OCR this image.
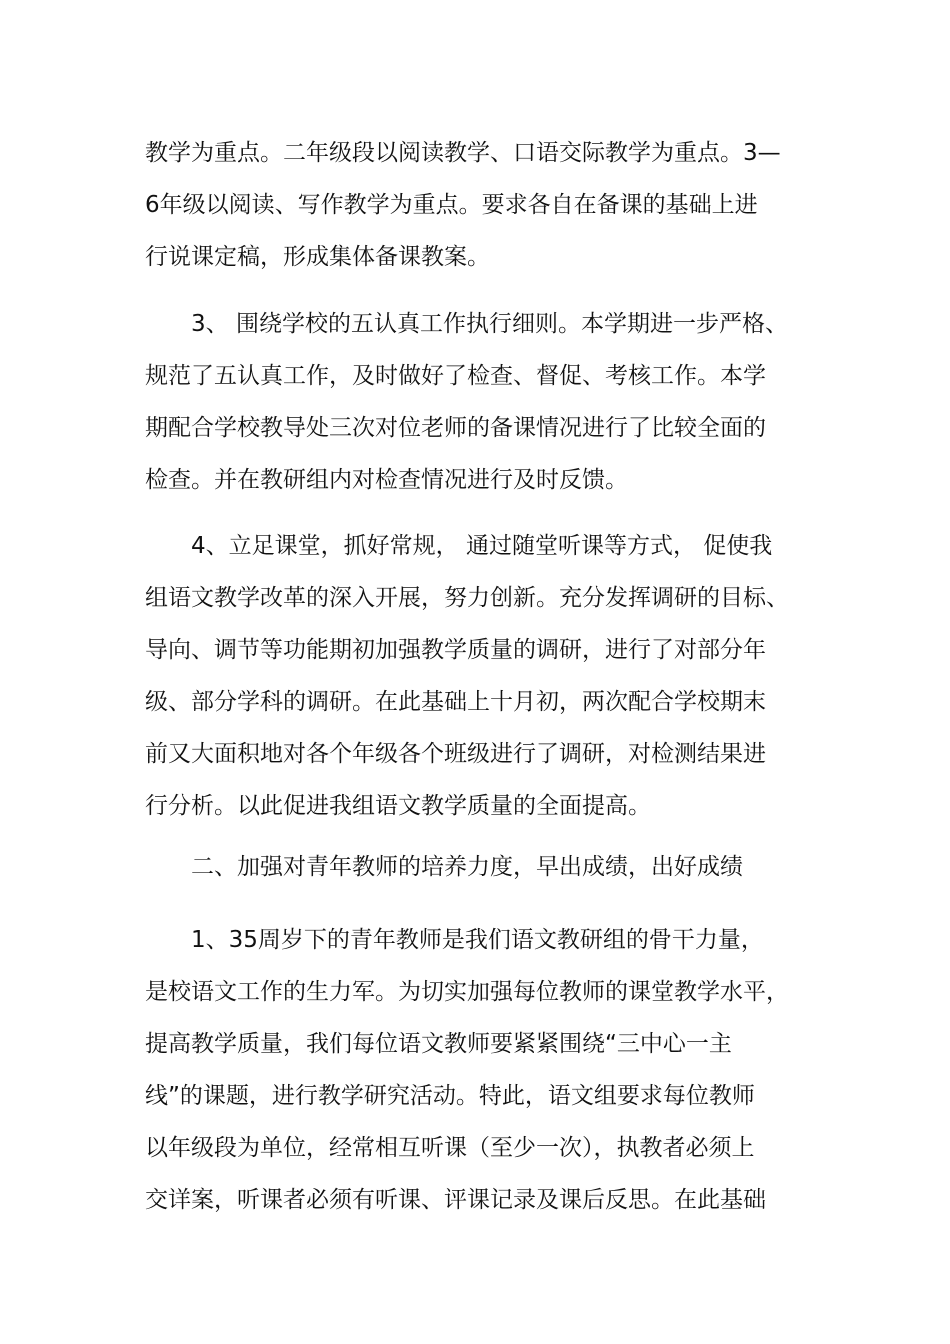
教学为重点。二年级段以阅读教学、口语交际教学为重点。3—
6年级以阅读、写作教学为重点。要求各自在备课的基础上进
行说课定稿，形成集体备课教案。
3、 围绕学校的五认真工作执行细则。本学期进一步严格、
规范了五认真工作，及时做好了检查、督促、考核工作。本学
期配合学校教导处三次对位老师的备课情况进行了比较全面的
检查。并在教研组内对检查情况进行及时反馈。
4、立足课堂，抓好常规， 通过随堂听课等方式， 促使我
组语文教学改革的深入开展，努力创新。充分发挥调研的目标、
导向、调节等功能期初加强教学质量的调研，进行了对部分年
级、部分学科的调研。在此基础上十月初，两次配合学校期末
前又大面积地对各个年级各个班级进行了调研，对检测结果进
行分析。以此促进我组语文教学质量的全面提高。
二、加强对青年教师的培养力度，早出成绩，出好成绩
1、35周岁下的青年教师是我们语文教研组的骨干力量，
是校语文工作的生力军。为切实加强每位教师的课堂教学水平，
提高教学质量，我们每位语文教师要紧紧围绕“三中心一主
线”的课题，进行教学研究活动。特此，语文组要求每位教师
以年级段为单位，经常相互听课（至少一次），执教者必须上
交详案，听课者必须有听课、评课记录及课后反思。在此基础
